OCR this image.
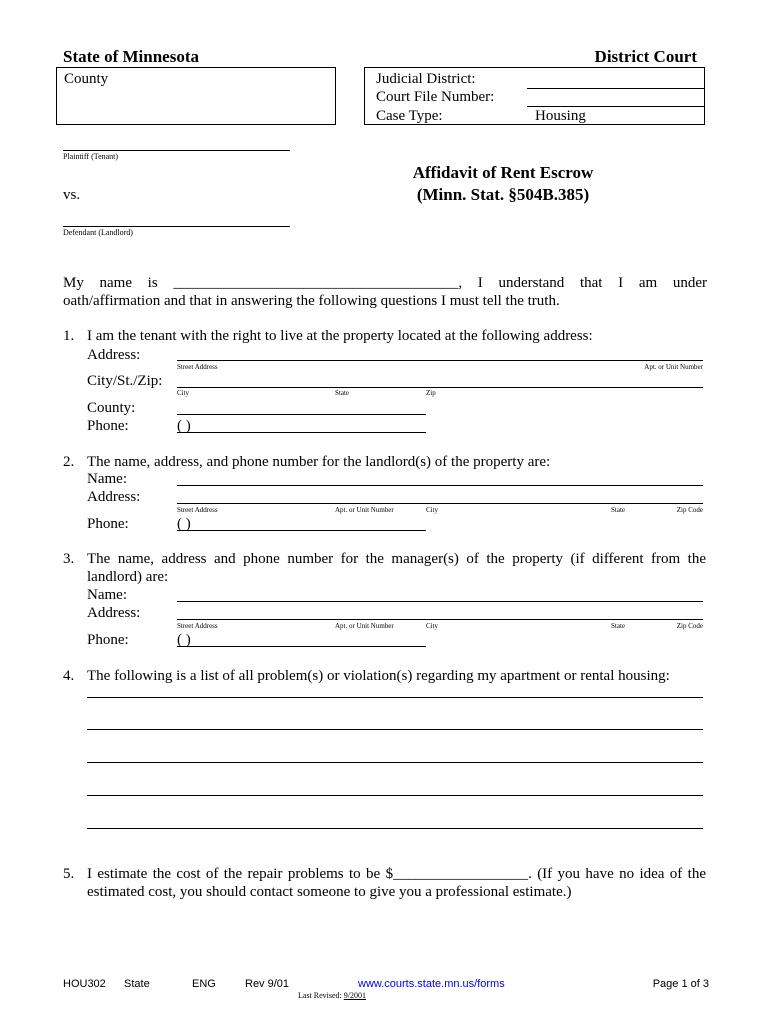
State of Minnesota	District Court
County	Judicial District:
Court File Number:
Case Type:	Housing
Plaintiff (Tenant)
vs.
Defendant (Landlord)
Affidavit of Rent Escrow
(Minn. Stat. §504B.385)
My name is ______________________________________, I understand that I am under
oath/affirmation and that in answering the following questions I must tell the truth.
1. I am the tenant with the right to live at the property located at the following address:
Address:
Street Address	Apt. or Unit Number
City/St./Zip:
City	State	Zip
County:
Phone:	( )
2. The name, address, and phone number for the landlord(s) of the property are:
Name:
Address:
Street Address	Apt. or Unit Number	City	State	Zip Code
Phone:	( )
3. The name, address and phone number for the manager(s) of the property (if different from the
landlord) are:
Name:
Address:
Street Address	Apt. or Unit Number	City	State	Zip Code
Phone:	( )
4. The following is a list of all problem(s) or violation(s) regarding my apartment or rental housing:
5. I estimate the cost of the repair problems to be $__________________. (If you have no idea of the
estimated cost, you should contact someone to give you a professional estimate.)
HOU302 State	ENG	Rev 9/01	www.courts.state.mn.us/forms	Page 1 of 3
Last Revised: 9/2001
